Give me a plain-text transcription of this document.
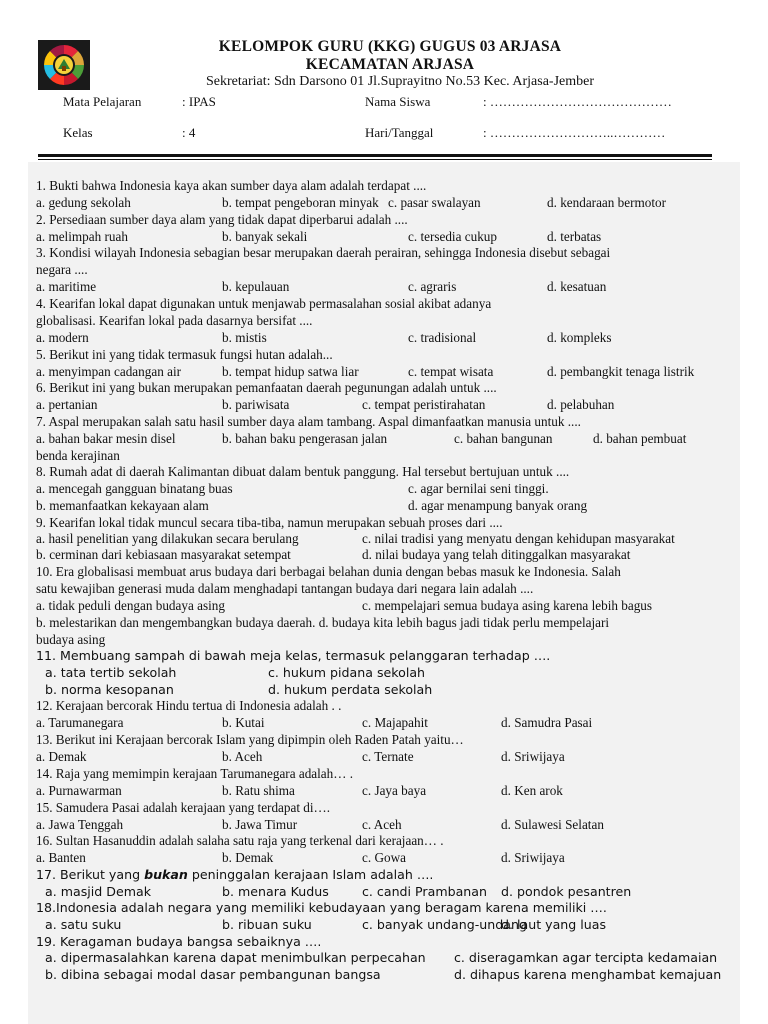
KELOMPOK GURU (KKG) GUGUS 03 ARJASA
KECAMATAN ARJASA
Sekretariat: Sdn Darsono 01 Jl.Suprayitno No.53 Kec. Arjasa-Jember
Mata Pelajaran	: IPAS	Nama Siswa	: ……………………………………
Kelas	: 4	Hari/Tanggal	: ………………………..…………
1. Bukti bahwa Indonesia kaya akan sumber daya alam adalah terdapat ....
a. gedung sekolah	b. tempat pengeboran minyak c. pasar swalayan	d. kendaraan bermotor
2. Persediaan sumber daya alam yang tidak dapat diperbarui adalah ....
a. melimpah ruah	b. banyak sekali	c. tersedia cukup	d. terbatas
3. Kondisi wilayah Indonesia sebagian besar merupakan daerah perairan, sehingga Indonesia disebut sebagai
negara ....
a. maritime	b. kepulauan	c. agraris	d. kesatuan
4. Kearifan lokal dapat digunakan untuk menjawab permasalahan sosial akibat adanya
globalisasi. Kearifan lokal pada dasarnya bersifat ....
a. modern	b. mistis	c. tradisional	d. kompleks
5. Berikut ini yang tidak termasuk fungsi hutan adalah...
a. menyimpan cadangan air	b. tempat hidup satwa liar	c. tempat wisata	d. pembangkit tenaga listrik
6. Berikut ini yang bukan merupakan pemanfaatan daerah pegunungan adalah untuk ....
a. pertanian	b. pariwisata	c. tempat peristirahatan	d. pelabuhan
7. Aspal merupakan salah satu hasil sumber daya alam tambang. Aspal dimanfaatkan manusia untuk ....
a. bahan bakar mesin disel	b. bahan baku pengerasan jalan	c. bahan bangunan	d. bahan pembuat
benda kerajinan
8. Rumah adat di daerah Kalimantan dibuat dalam bentuk panggung. Hal tersebut bertujuan untuk ....
a. mencegah gangguan binatang buas	c. agar bernilai seni tinggi.
b. memanfaatkan kekayaan alam	d. agar menampung banyak orang
9. Kearifan lokal tidak muncul secara tiba-tiba, namun merupakan sebuah proses dari ....
a. hasil penelitian yang dilakukan secara berulang	c. nilai tradisi yang menyatu dengan kehidupan masyarakat
b. cerminan dari kebiasaan masyarakat setempat	d. nilai budaya yang telah ditinggalkan masyarakat
10. Era globalisasi membuat arus budaya dari berbagai belahan dunia dengan bebas masuk ke Indonesia. Salah
satu kewajiban generasi muda dalam menghadapi tantangan budaya dari negara lain adalah ....
a. tidak peduli dengan budaya asing	c. mempelajari semua budaya asing karena lebih bagus
b. melestarikan dan mengembangkan budaya daerah. d. budaya kita lebih bagus jadi tidak perlu mempelajari
budaya asing
11. Membuang sampah di bawah meja kelas, termasuk pelanggaran terhadap ….
a. tata tertib sekolah	c. hukum pidana sekolah
b. norma kesopanan	d. hukum perdata sekolah
12. Kerajaan bercorak Hindu tertua di Indonesia adalah . .
a. Tarumanegara	b. Kutai	c. Majapahit	d. Samudra Pasai
13. Berikut ini Kerajaan bercorak Islam yang dipimpin oleh Raden Patah yaitu…
a. Demak	b. Aceh	c. Ternate	d. Sriwijaya
14. Raja yang memimpin kerajaan Tarumanegara adalah… .
a. Purnawarman	b. Ratu shima	c. Jaya baya	d. Ken arok
15. Samudera Pasai adalah kerajaan yang terdapat di….
a. Jawa Tenggah	b. Jawa Timur	c. Aceh	d. Sulawesi Selatan
16. Sultan Hasanuddin adalah salaha satu raja yang terkenal dari kerajaan… .
a. Banten	b. Demak	c. Gowa	d. Sriwijaya
17. Berikut yang bukan peninggalan kerajaan Islam adalah ….
a. masjid Demak	b. menara Kudus	c. candi Prambanan d. pondok pesantren
18.Indonesia adalah negara yang memiliki kebudayaan yang beragam karena memiliki ….
a. satu suku	b. ribuan suku	c. banyak undang-undang
d. laut yang luas
19. Keragaman budaya bangsa sebaiknya ….
a. dipermasalahkan karena dapat menimbulkan perpecahan c. diseragamkan agar tercipta kedamaian
b. dibina sebagai modal dasar pembangunan bangsa	d. dihapus karena menghambat kemajuan
